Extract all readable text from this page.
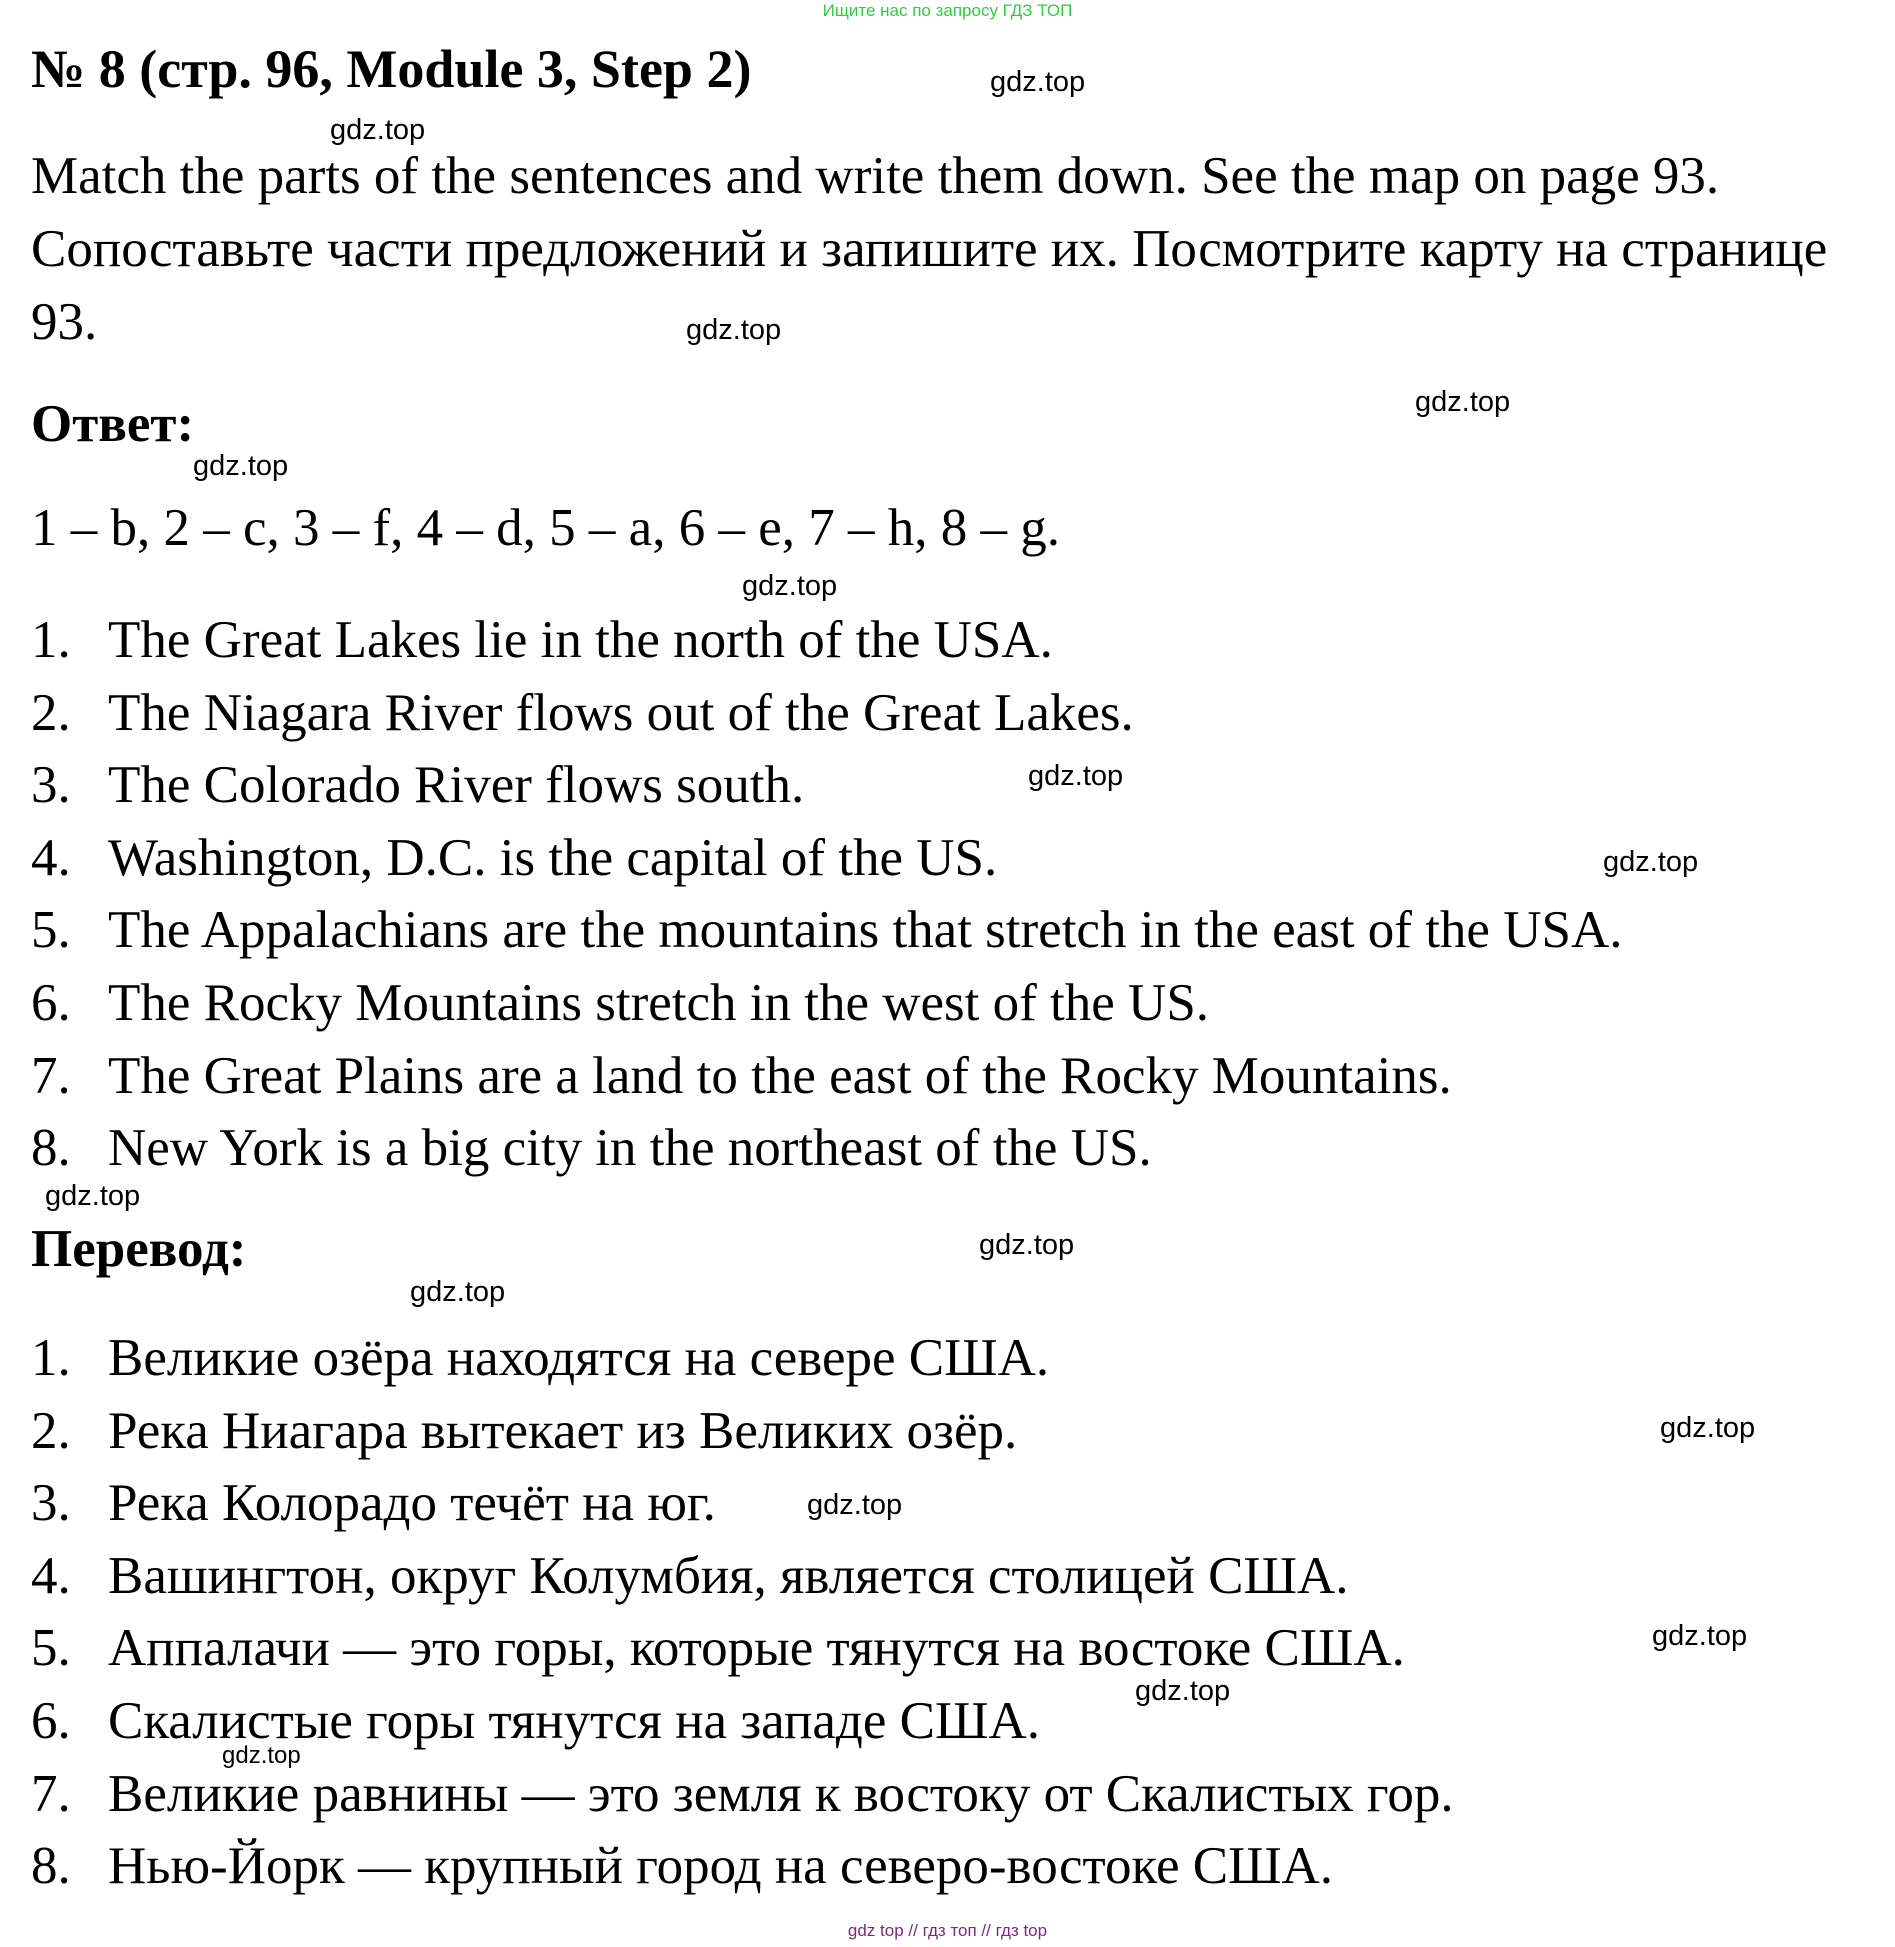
Ищите нас по запросу ГДЗ ТОП
№ 8 (стр. 96, Module 3, Step 2)
Match the parts of the sentences and write them down. See the map on page 93. Сопоставьте части предложений и запишите их. Посмотрите карту на странице 93.
Ответ:
1 – b, 2 – c, 3 – f, 4 – d, 5 – a, 6 – e, 7 – h, 8 – g.
1. The Great Lakes lie in the north of the USA.
2. The Niagara River flows out of the Great Lakes.
3. The Colorado River flows south.
4. Washington, D.C. is the capital of the US.
5. The Appalachians are the mountains that stretch in the east of the USA.
6. The Rocky Mountains stretch in the west of the US.
7. The Great Plains are a land to the east of the Rocky Mountains.
8. New York is a big city in the northeast of the US.
Перевод:
1. Великие озёра находятся на севере США.
2. Река Ниагара вытекает из Великих озёр.
3. Река Колорадо течёт на юг.
4. Вашингтон, округ Колумбия, является столицей США.
5. Аппалачи — это горы, которые тянутся на востоке США.
6. Скалистые горы тянутся на западе США.
7. Великие равнины — это земля к востоку от Скалистых гор.
8. Нью-Йорк — крупный город на северо-востоке США.
gdz.top
gdz.top
gdz.top
gdz.top
gdz.top
gdz.top
gdz.top
gdz.top
gdz.top
gdz.top
gdz.top
gdz.top
gdz.top
gdz.top
gdz.top
gdz.top
gdz top // гдз топ // гдз top
